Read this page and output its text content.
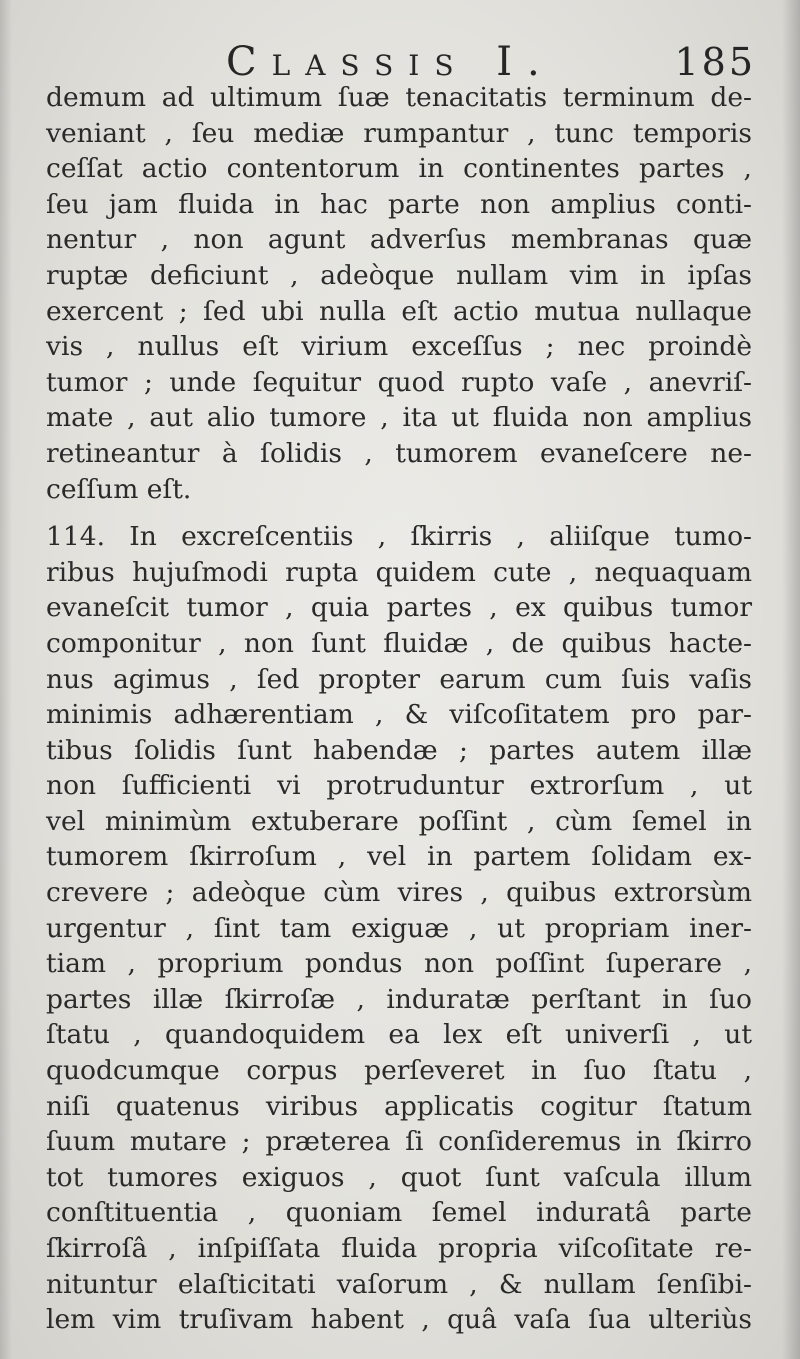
Classis I.	185
demum ad ultimum ſuæ tenacitatis terminum de-
veniant , ſeu mediæ rumpantur , tunc temporis
ceſſat actio contentorum in continentes partes ,
ſeu jam fluida in hac parte non amplius conti-
nentur , non agunt adverſus membranas quæ
ruptæ deficiunt , adeòque nullam vim in ipſas
exercent ; ſed ubi nulla eſt actio mutua nullaque
vis , nullus eſt virium exceſſus ; nec proindè
tumor ; unde ſequitur quod rupto vaſe , anevriſ-
mate , aut alio tumore , ita ut fluida non amplius
retineantur à ſolidis , tumorem evaneſcere ne-
ceſſum eſt.
114. In excreſcentiis , ſkirris , aliiſque tumo-
ribus hujuſmodi rupta quidem cute , nequaquam
evaneſcit tumor , quia partes , ex quibus tumor
componitur , non ſunt fluidæ , de quibus hacte-
nus agimus , ſed propter earum cum ſuis vaſis
minimis adhærentiam , & viſcoſitatem pro par-
tibus ſolidis ſunt habendæ ; partes autem illæ
non ſufficienti vi protruduntur extrorſum , ut
vel minimùm extuberare poſſint , cùm ſemel in
tumorem ſkirroſum , vel in partem ſolidam ex-
crevere ; adeòque cùm vires , quibus extrorsùm
urgentur , ſint tam exiguæ , ut propriam iner-
tiam , proprium pondus non poſſint ſuperare ,
partes illæ ſkirroſæ , induratæ perſtant in ſuo
ſtatu , quandoquidem ea lex eſt univerſi , ut
quodcumque corpus perſeveret in ſuo ſtatu ,
niſi quatenus viribus applicatis cogitur ſtatum
ſuum mutare ; præterea ſi conſideremus in ſkirro
tot tumores exiguos , quot ſunt vaſcula illum
conſtituentia , quoniam ſemel induratâ parte
ſkirroſâ , inſpiſſata fluida propria viſcoſitate re-
nituntur elaſticitati vaſorum , & nullam ſenſibi-
lem vim truſivam habent , quâ vaſa ſua ulteriùs
